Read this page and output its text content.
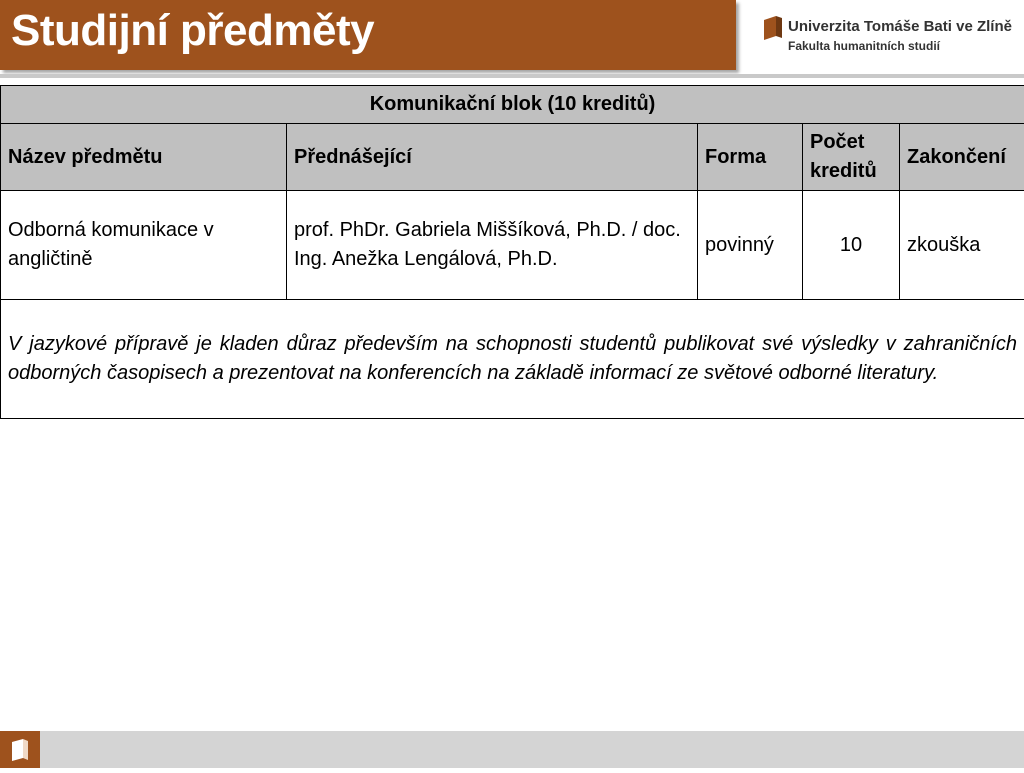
Studijní předměty	Univerzita Tomáše Bati ve Zlíně
Fakulta humanitních studií
Komunikační blok (10 kreditů)				
Název předmětu	Přednášející	Forma	Počet kreditů	Zakončení
Odborná komunikace v angličtině	prof. PhDr. Gabriela Miššíková, Ph.D. / doc. Ing. Anežka Lengálová, Ph.D.	povinný	10	zkouška
V jazykové přípravě je kladen důraz především na schopnosti studentů publikovat své výsledky v zahraničních odborných časopisech a prezentovat na konferencích na základě informací ze světové odborné literatury.				
